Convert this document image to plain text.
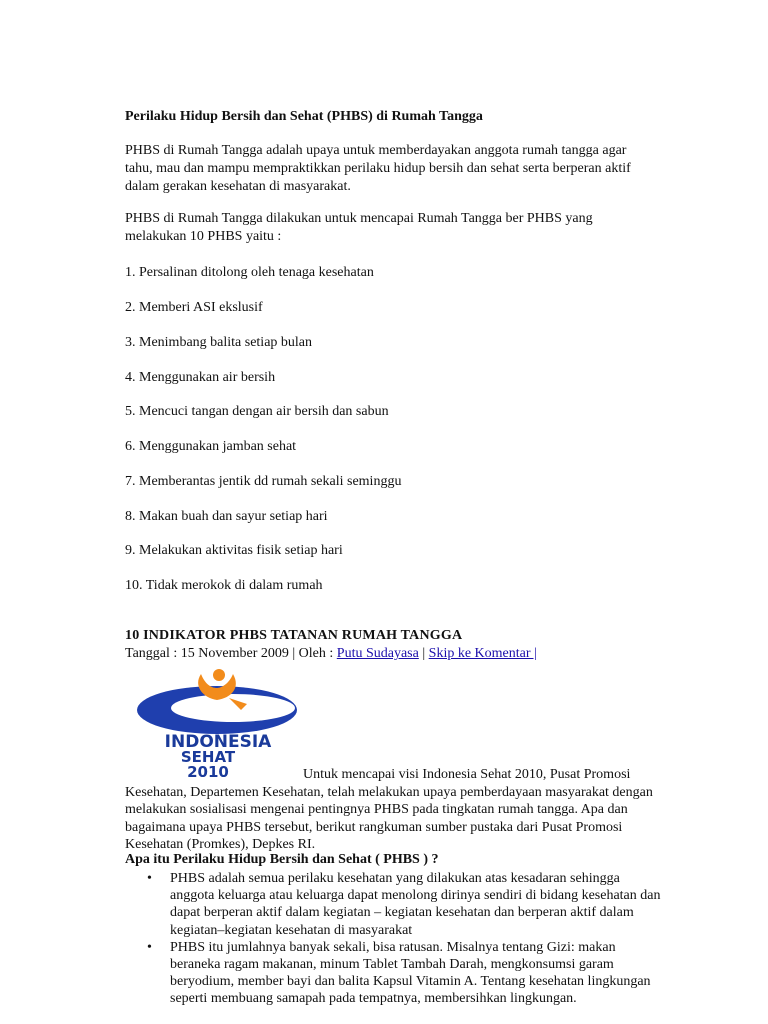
Perilaku Hidup Bersih dan Sehat (PHBS) di Rumah Tangga

PHBS di Rumah Tangga adalah upaya untuk memberdayakan anggota rumah tangga agar tahu, mau dan mampu mempraktikkan perilaku hidup bersih dan sehat serta berperan aktif dalam gerakan kesehatan di masyarakat.

PHBS di Rumah Tangga dilakukan untuk mencapai Rumah Tangga ber PHBS yang melakukan 10 PHBS yaitu :

1. Persalinan ditolong oleh tenaga kesehatan
2. Memberi ASI ekslusif
3. Menimbang balita setiap bulan
4. Menggunakan air bersih
5. Mencuci tangan dengan air bersih dan sabun
6. Menggunakan jamban sehat
7. Memberantas jentik dd rumah sekali seminggu
8. Makan buah dan sayur setiap hari
9. Melakukan aktivitas fisik setiap hari
10. Tidak merokok di dalam rumah
10 INDIKATOR PHBS TATANAN RUMAH TANGGA
Tanggal : 15 November 2009 | Oleh : Putu Sudayasa | Skip ke Komentar |
INDONESIA
SEHAT
2010	Untuk mencapai visi Indonesia Sehat 2010, Pusat Promosi
Kesehatan, Departemen Kesehatan, telah melakukan upaya pemberdayaan masyarakat dengan melakukan sosialisasi mengenai pentingnya PHBS pada tingkatan rumah tangga. Apa dan bagaimana upaya PHBS tersebut, berikut rangkuman sumber pustaka dari Pusat Promosi Kesehatan (Promkes), Depkes RI.

Apa itu Perilaku Hidup Bersih dan Sehat ( PHBS ) ?
• PHBS adalah semua perilaku kesehatan yang dilakukan atas kesadaran sehingga anggota keluarga atau keluarga dapat menolong dirinya sendiri di bidang kesehatan dan dapat berperan aktif dalam kegiatan – kegiatan kesehatan dan berperan aktif dalam kegiatan–kegiatan kesehatan di masyarakat
• PHBS itu jumlahnya banyak sekali, bisa ratusan. Misalnya tentang Gizi: makan beraneka ragam makanan, minum Tablet Tambah Darah, mengkonsumsi garam beryodium, member bayi dan balita Kapsul Vitamin A. Tentang kesehatan lingkungan seperti membuang samapah pada tempatnya, membersihkan lingkungan.
